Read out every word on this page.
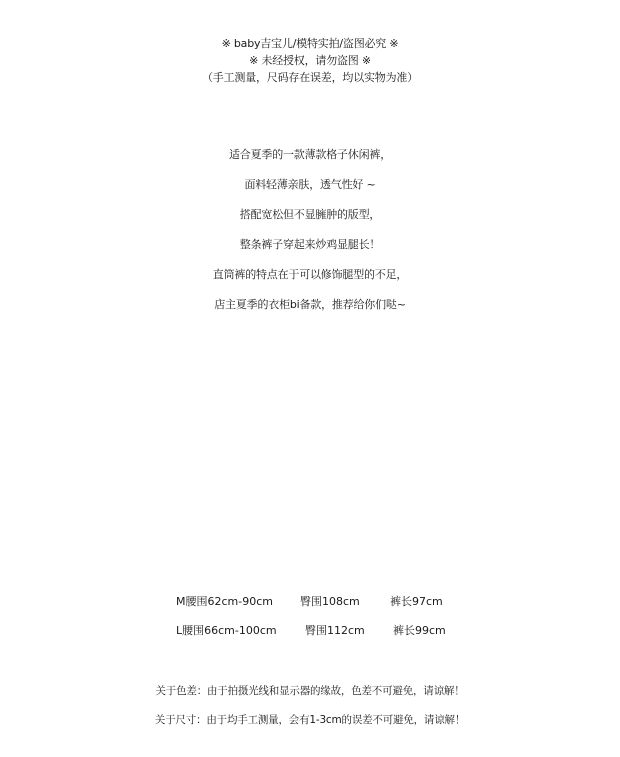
※ baby吉宝儿/模特实拍/盗图必究 ※
※ 未经授权，请勿盗图 ※
（手工测量，尺码存在误差，均以实物为准）
适合夏季的一款薄款格子休闲裤，
面料轻薄亲肤，透气性好 ~
搭配宽松但不显臃肿的版型，
整条裤子穿起来炒鸡显腿长！
直筒裤的特点在于可以修饰腿型的不足，
店主夏季的衣柜bi备款，推荐给你们哒~
M腰围62cm-90cm 臀围108cm	裤长97cm
L腰围66cm-100cm	臀围112cm	裤长99cm
关于色差：由于拍摄光线和显示器的缘故，色差不可避免，请谅解！
关于尺寸：由于均手工测量，会有1-3cm的误差不可避免，请谅解！
